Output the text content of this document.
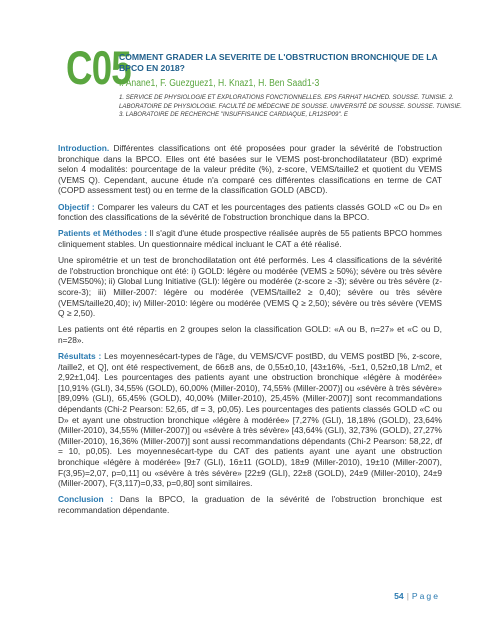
C05
COMMENT GRADER LA SEVERITE DE L'OBSTRUCTION BRONCHIQUE DE LA BPCO EN 2018?
I. Anane1, F. Guezguez1, H. Knaz1, H. Ben Saad1-3
1. SERVICE DE PHYSIOLOGIE ET EXPLORATIONS FONCTIONNELLES. EPS FARHAT HACHED. SOUSSE. TUNISIE. 2.
LABORATOIRE DE PHYSIOLOGIE. FACULTÉ DE MÉDECINE DE SOUSSE. UNIVERSITÉ DE SOUSSE. SOUSSE. TUNISIE.
3. LABORATOIRE DE RECHERCHE "INSUFFISANCE CARDIAQUE, LR12SP09". E

Introduction. Différentes classifications ont été proposées pour grader la sévérité de l'obstruction bronchique dans la BPCO. Elles ont été basées sur le VEMS post-bronchodilatateur (BD) exprimé selon 4 modalités: pourcentage de la valeur prédite (%), z-score, VEMS/taille2 et quotient du VEMS (VEMS Q). Cependant, aucune étude n'a comparé ces différentes classifications en terme de CAT (COPD assessment test) ou en terme de la classification GOLD (ABCD).

Objectif : Comparer les valeurs du CAT et les pourcentages des patients classés GOLD «C ou D» en fonction des classifications de la sévérité de l'obstruction bronchique dans la BPCO.

Patients et Méthodes : Il s'agit d'une étude prospective réalisée auprès de 55 patients BPCO hommes cliniquement stables. Un questionnaire médical incluant le CAT a été réalisé.

Une spirométrie et un test de bronchodilatation ont été performés. Les 4 classifications de la sévérité de l'obstruction bronchique ont été: i) GOLD: légère ou modérée (VEMS ≥ 50%); sévère ou très sévère (VEMS50%); ii) Global Lung Initiative (GLI): légère ou modérée (z-score ≥ -3); sévère ou très sévère (z-score-3); iii) Miller-2007: légère ou modérée (VEMS/taille2 ≥ 0,40); sévère ou très sévère (VEMS/taille20,40); iv) Miller-2010: légère ou modérée (VEMS Q ≥ 2,50); sévère ou très sévère (VEMS Q ≥ 2,50).

Les patients ont été répartis en 2 groupes selon la classification GOLD: «A ou B, n=27» et «C ou D, n=28».

Résultats : Les moyennesécart-types de l'âge, du VEMS/CVF postBD, du VEMS postBD [%, z-score, /taille2, et Q], ont été respectivement, de 66±8 ans, de 0,55±0,10, [43±16%, -5±1, 0,52±0,18 L/m2, et 2,92±1,04]. Les pourcentages des patients ayant une obstruction bronchique «légère à modérée» [10,91% (GLI), 34,55% (GOLD), 60,00% (Miller-2010), 74,55% (Miller-2007)] ou «sévère à très sévère» [89,09% (GLI), 65,45% (GOLD), 40,00% (Miller-2010), 25,45% (Miller-2007)] sont recommandations dépendants (Chi-2 Pearson: 52,65, df = 3, p0,05). Les pourcentages des patients classés GOLD «C ou D» et ayant une obstruction bronchique «légère à modérée» [7,27% (GLI), 18,18% (GOLD), 23,64% (Miller-2010), 34,55% (Miller-2007)] ou «sévère à très sévère» [43,64% (GLI), 32,73% (GOLD), 27,27% (Miller-2010), 16,36% (Miller-2007)] sont aussi recommandations dépendants (Chi-2 Pearson: 58,22, df = 10, p0,05). Les moyennesécart-type du CAT des patients ayant une ayant une obstruction bronchique «légère à modérée» [9±7 (GLI), 16±11 (GOLD), 18±9 (Miller-2010), 19±10 (Miller-2007), F(3,95)=2,07, p=0,11] ou «sévère à très sévère» [22±9 (GLI), 22±8 (GOLD), 24±9 (Miller-2010), 24±9 (Miller-2007), F(3,117)=0,33, p=0,80] sont similaires.

Conclusion : Dans la BPCO, la graduation de la sévérité de l'obstruction bronchique est recommandation dépendante.

54 | Page
